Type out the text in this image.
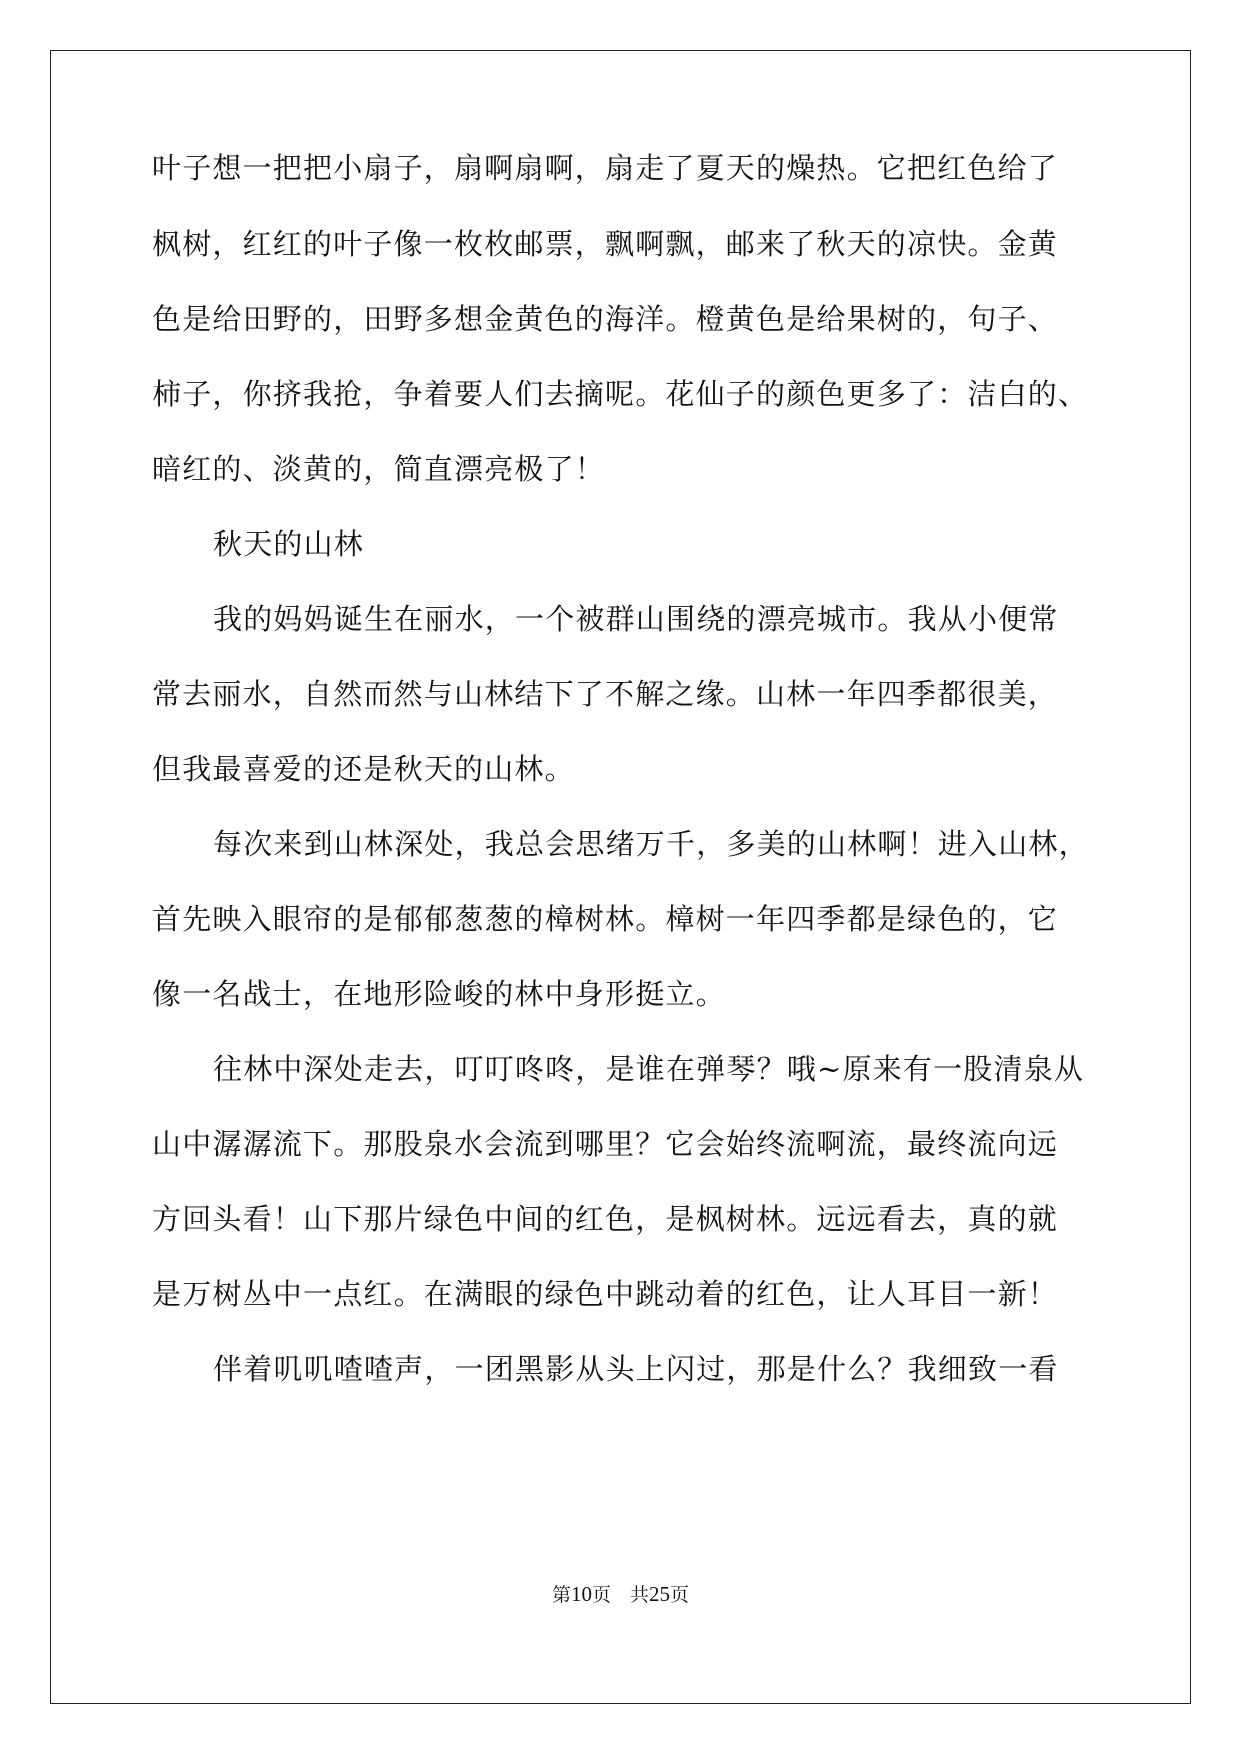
叶子想一把把小扇子，扇啊扇啊，扇走了夏天的燥热。它把红色给了
枫树，红红的叶子像一枚枚邮票，飘啊飘，邮来了秋天的凉快。金黄
色是给田野的，田野多想金黄色的海洋。橙黄色是给果树的，句子、
柿子，你挤我抢，争着要人们去摘呢。花仙子的颜色更多了：洁白的、
暗红的、淡黄的，简直漂亮极了！
秋天的山林
我的妈妈诞生在丽水，一个被群山围绕的漂亮城市。我从小便常
常去丽水，自然而然与山林结下了不解之缘。山林一年四季都很美，
但我最喜爱的还是秋天的山林。
每次来到山林深处，我总会思绪万千，多美的山林啊！进入山林，
首先映入眼帘的是郁郁葱葱的樟树林。樟树一年四季都是绿色的，它
像一名战士，在地形险峻的林中身形挺立。
往林中深处走去，叮叮咚咚，是谁在弹琴？哦~原来有一股清泉从
山中潺潺流下。那股泉水会流到哪里？它会始终流啊流，最终流向远
方回头看！山下那片绿色中间的红色，是枫树林。远远看去，真的就
是万树丛中一点红。在满眼的绿色中跳动着的红色，让人耳目一新！
伴着叽叽喳喳声，一团黑影从头上闪过，那是什么？我细致一看
第10页　共25页
